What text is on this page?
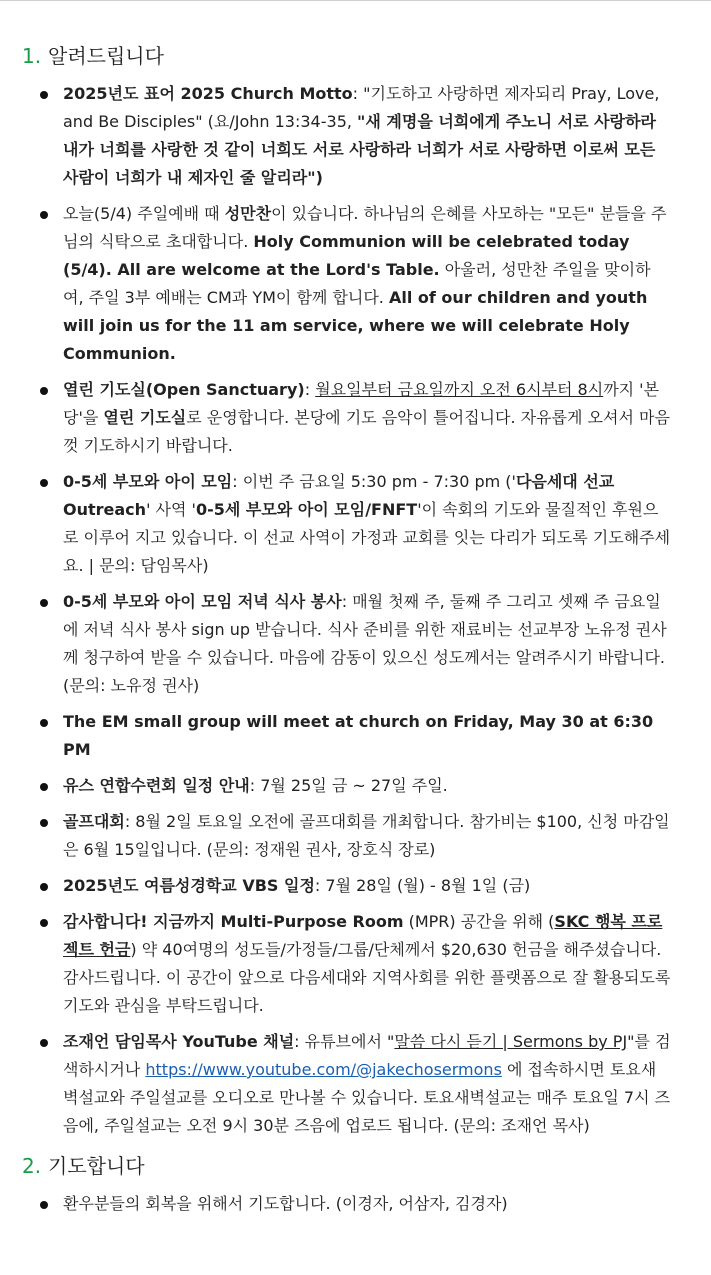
1. 알려드립니다
2025년도 표어 2025 Church Motto: "기도하고 사랑하면 제자되리 Pray, Love, and Be Disciples" (요/John 13:34-35, "새 계명을 너희에게 주노니 서로 사랑하라 내가 너희를 사랑한 것 같이 너희도 서로 사랑하라 너희가 서로 사랑하면 이로써 모든 사람이 너희가 내 제자인 줄 알리라")
오늘(5/4) 주일예배 때 성만찬이 있습니다. 하나님의 은혜를 사모하는 "모든" 분들을 주님의 식탁으로 초대합니다. Holy Communion will be celebrated today (5/4). All are welcome at the Lord's Table. 아울러, 성만찬 주일을 맞이하여, 주일 3부 예배는 CM과 YM이 함께 합니다. All of our children and youth will join us for the 11 am service, where we will celebrate Holy Communion.
열린 기도실(Open Sanctuary): 월요일부터 금요일까지 오전 6시부터 8시까지 '본당'을 열린 기도실로 운영합니다. 본당에 기도 음악이 틀어집니다. 자유롭게 오셔서 마음껏 기도하시기 바랍니다.
0-5세 부모와 아이 모임: 이번 주 금요일 5:30 pm - 7:30 pm ('다음세대 선교 Outreach' 사역 '0-5세 부모와 아이 모임/FNFT'이 속회의 기도와 물질적인 후원으로 이루어 지고 있습니다. 이 선교 사역이 가정과 교회를 잇는 다리가 되도록 기도해주세요. | 문의: 담임목사)
0-5세 부모와 아이 모임 저녁 식사 봉사: 매월 첫째 주, 둘째 주 그리고 셋째 주 금요일에 저녁 식사 봉사 sign up 받습니다. 식사 준비를 위한 재료비는 선교부장 노유정 권사께 청구하여 받을 수 있습니다. 마음에 감동이 있으신 성도께서는 알려주시기 바랍니다. (문의: 노유정 권사)
The EM small group will meet at church on Friday, May 30 at 6:30 PM
유스 연합수련회 일정 안내: 7월 25일 금 ~ 27일 주일.
골프대회: 8월 2일 토요일 오전에 골프대회를 개최합니다. 참가비는 $100, 신청 마감일은 6월 15일입니다. (문의: 정재원 권사, 장호식 장로)
2025년도 여름성경학교 VBS 일정: 7월 28일 (월) - 8월 1일 (금)
감사합니다! 지금까지 Multi-Purpose Room (MPR) 공간을 위해 (SKC 행복 프로젝트 헌금) 약 40여명의 성도들/가정들/그룹/단체께서 $20,630 헌금을 해주셨습니다. 감사드립니다. 이 공간이 앞으로 다음세대와 지역사회를 위한 플랫폼으로 잘 활용되도록 기도와 관심을 부탁드립니다.
조재언 담임목사 YouTube 채널: 유튜브에서 "말씀 다시 듣기 | Sermons by PJ"를 검색하시거나 https://www.youtube.com/@jakechosermons 에 접속하시면 토요새벽설교와 주일설교를 오디오로 만나볼 수 있습니다. 토요새벽설교는 매주 토요일 7시 즈음에, 주일설교는 오전 9시 30분 즈음에 업로드 됩니다. (문의: 조재언 목사)
2. 기도합니다
환우분들의 회복을 위해서 기도합니다. (이경자, 어삼자, 김경자)
